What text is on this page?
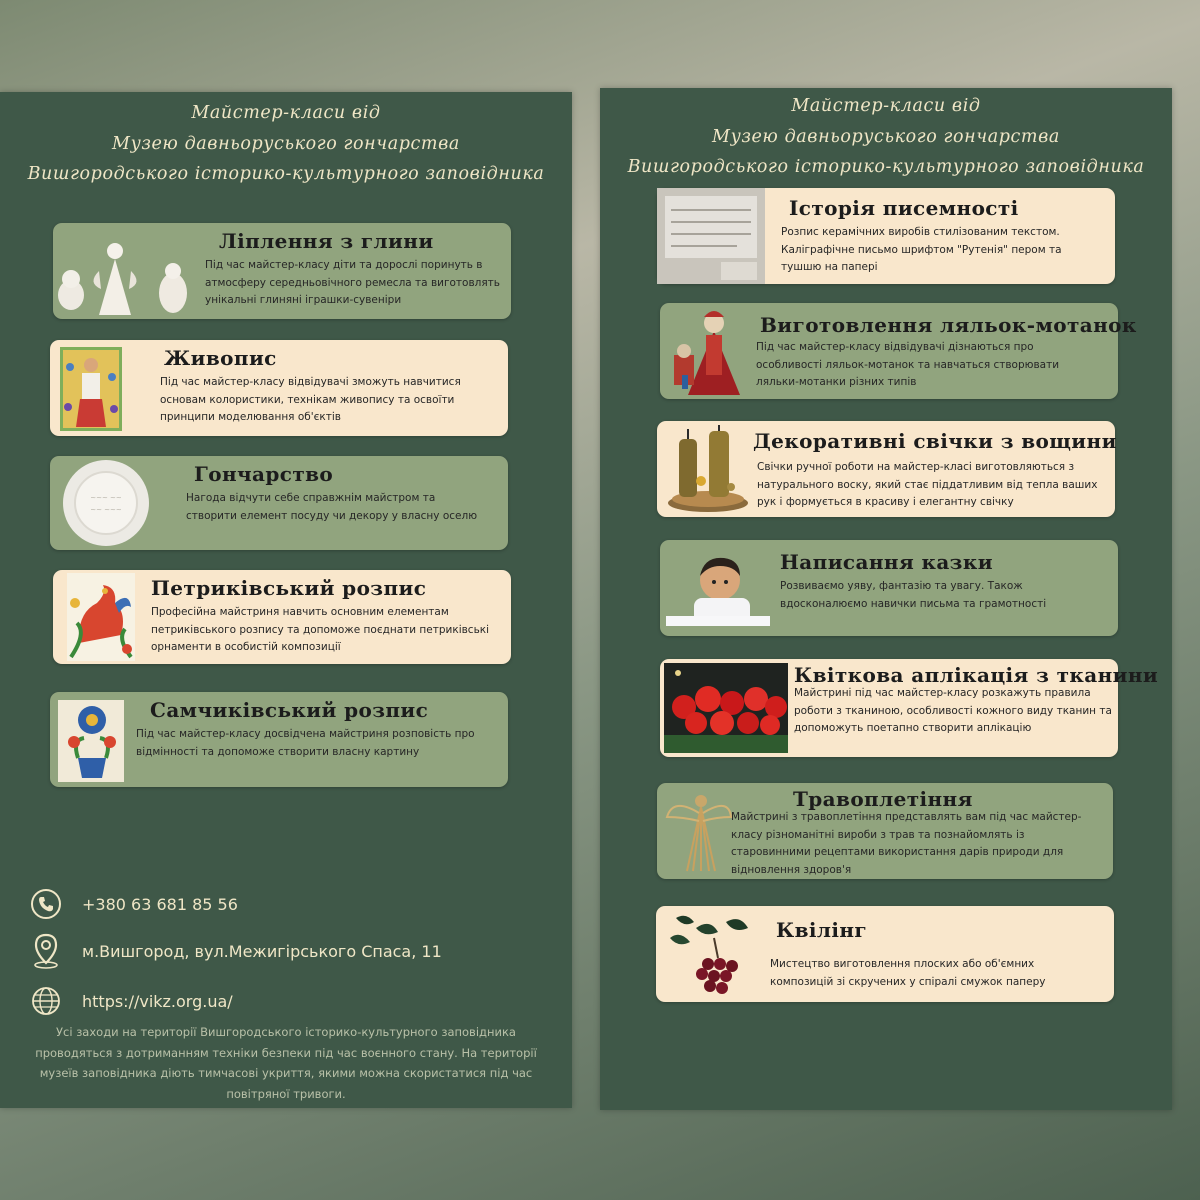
Майстер-класи від
Музею давньоруського гончарства
Вишгородського історико-культурного заповідника
Ліплення з глини
Під час майстер-класу діти та дорослі поринуть в атмосферу середньовічного ремесла та виготовлять унікальні глиняні іграшки-сувеніри
Живопис
Під час майстер-класу відвідувачі зможуть навчитися основам колористики, технікам живопису та освоїти принципи моделювання об'єктів
~~~ ~~
~~ ~~~
Гончарство
Нагода відчути себе справжнім майстром та створити елемент посуду чи декору у власну оселю
Петриківський розпис
Професійна майстриня навчить основним елементам петриківського розпису та допоможе поєднати петриківські орнаменти в особистій композиції
Самчиківський розпис
Під час майстер-класу досвідчена майстриня розповість про відмінності та допоможе створити власну картину
+380 63 681 85 56
м.Вишгород, вул.Межигірського Спаса, 11
https://vikz.org.ua/
Усі заходи на території Вишгородського історико-культурного заповідника проводяться з дотриманням техніки безпеки під час воєнного стану. На території музеїв заповідника діють тимчасові укриття, якими можна скористатися під час повітряної тривоги.
Майстер-класи від
Музею давньоруського гончарства
Вишгородського історико-культурного заповідника
Історія писемності
Розпис керамічних виробів стилізованим текстом. Каліграфічне письмо шрифтом "Рутенія" пером та тушшю на папері
Виготовлення ляльок-мотанок
Під час майстер-класу відвідувачі дізнаються про особливості ляльок-мотанок та навчаться створювати ляльки-мотанки різних типів
Декоративні свічки з вощини
Свічки ручної роботи на майстер-класі виготовляються з натурального воску, який стає піддатливим від тепла ваших рук і формується в красиву і елегантну свічку
Написання казки
Розвиваємо уяву, фантазію та увагу. Також вдосконалюємо навички письма та грамотності
Квіткова аплікація з тканини
Майстрині під час майстер-класу розкажуть правила роботи з тканиною, особливості кожного виду тканин та допоможуть поетапно створити аплікацію
Травоплетіння
Майстрині з травоплетіння представлять вам під час майстер-класу різноманітні вироби з трав та познайомлять із старовинними рецептами використання дарів природи для відновлення здоров'я
Квілінг
Мистецтво виготовлення плоских або об'ємних композицій зі скручених у спіралі смужок паперу
